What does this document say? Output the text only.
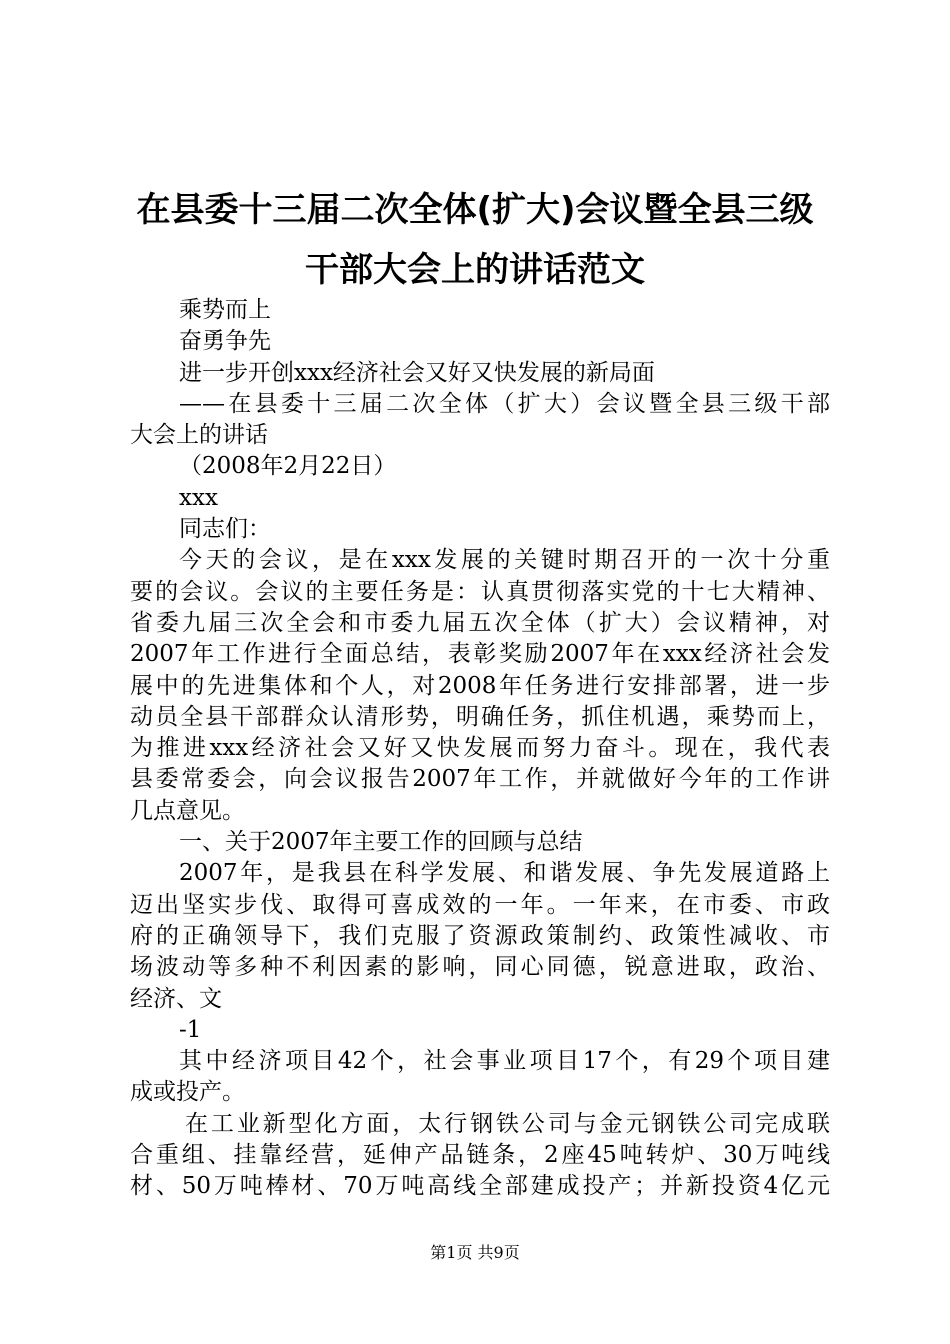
在县委十三届二次全体(扩大)会议暨全县三级
干部大会上的讲话范文
乘势而上
奋勇争先
进一步开创xxx经济社会又好又快发展的新局面
——在县委十三届二次全体（扩大）会议暨全县三级干部
大会上的讲话
（2008年2月22日）
xxx
同志们：
今天的会议，是在xxx发展的关键时期召开的一次十分重
要的会议。会议的主要任务是：认真贯彻落实党的十七大精神、
省委九届三次全会和市委九届五次全体（扩大）会议精神，对
2007年工作进行全面总结，表彰奖励2007年在xxx经济社会发
展中的先进集体和个人，对2008年任务进行安排部署，进一步
动员全县干部群众认清形势，明确任务，抓住机遇，乘势而上，
为推进xxx经济社会又好又快发展而努力奋斗。现在，我代表
县委常委会，向会议报告2007年工作，并就做好今年的工作讲
几点意见。
一、关于2007年主要工作的回顾与总结
2007年，是我县在科学发展、和谐发展、争先发展道路上
迈出坚实步伐、取得可喜成效的一年。一年来，在市委、市政
府的正确领导下，我们克服了资源政策制约、政策性减收、市
场波动等多种不利因素的影响，同心同德，锐意进取，政治、
经济、文
-1
其中经济项目42个，社会事业项目17个，有29个项目建
成或投产。
在工业新型化方面，太行钢铁公司与金元钢铁公司完成联
合重组、挂靠经营，延伸产品链条，2座45吨转炉、30万吨线
材、50万吨棒材、70万吨高线全部建成投产；并新投资4亿元
第1页 共9页
